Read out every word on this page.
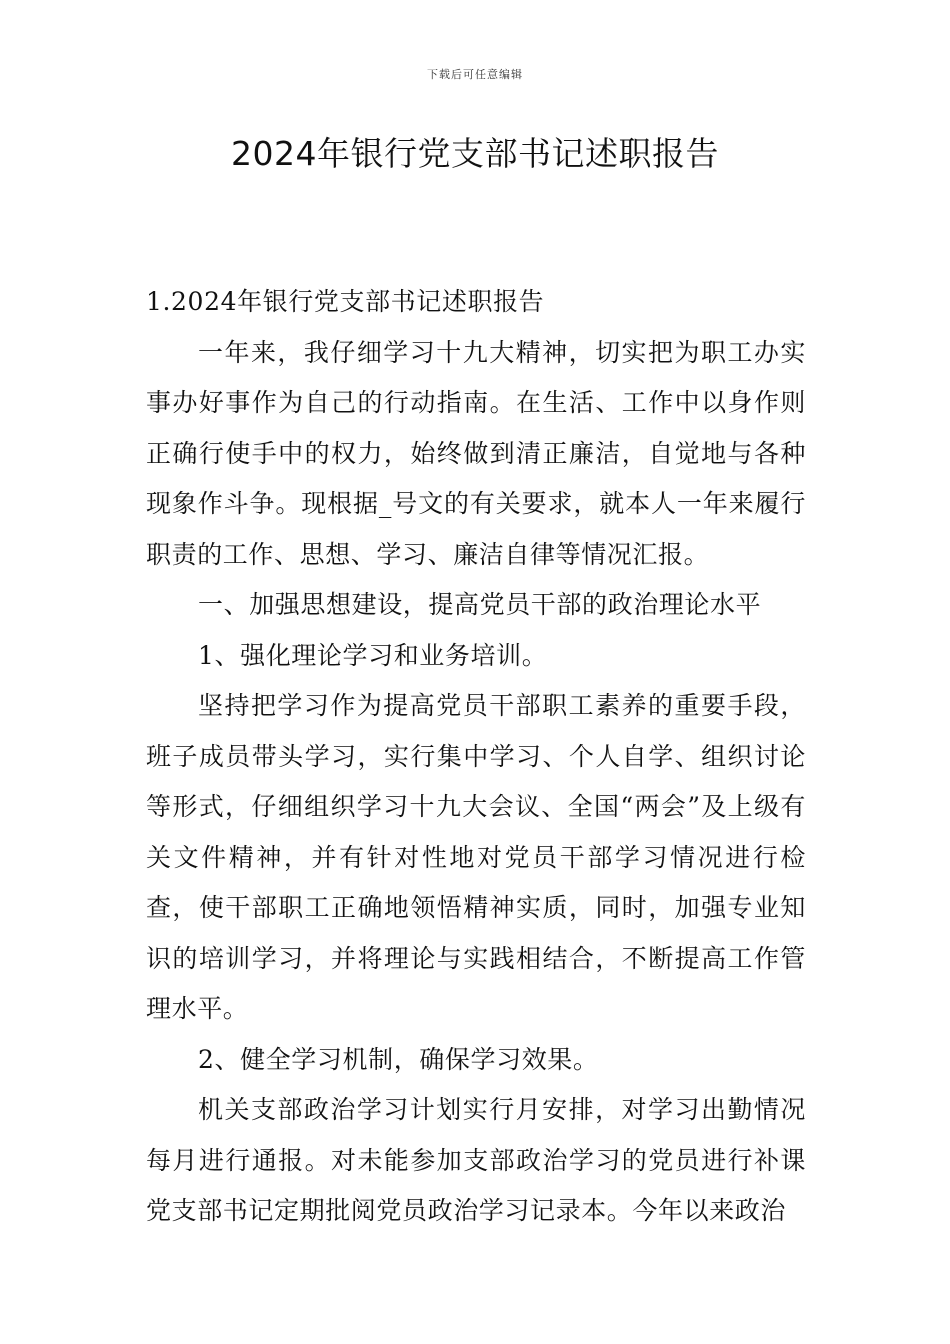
下载后可任意编辑
2024年银行党支部书记述职报告

1.2024年银行党支部书记述职报告

一年来，我仔细学习十九大精神，切实把为职工办实事办好事作为自己的行动指南。在生活、工作中以身作则正确行使手中的权力，始终做到清正廉洁，自觉地与各种现象作斗争。现根据_号文的有关要求，就本人一年来履行职责的工作、思想、学习、廉洁自律等情况汇报。

一、加强思想建设，提高党员干部的政治理论水平

1、强化理论学习和业务培训。

坚持把学习作为提高党员干部职工素养的重要手段，班子成员带头学习，实行集中学习、个人自学、组织讨论等形式，仔细组织学习十九大会议、全国“两会”及上级有关文件精神，并有针对性地对党员干部学习情况进行检查，使干部职工正确地领悟精神实质，同时，加强专业知识的培训学习，并将理论与实践相结合，不断提高工作管理水平。

2、健全学习机制，确保学习效果。

机关支部政治学习计划实行月安排，对学习出勤情况每月进行通报。对未能参加支部政治学习的党员进行补课党支部书记定期批阅党员政治学习记录本。今年以来政治
